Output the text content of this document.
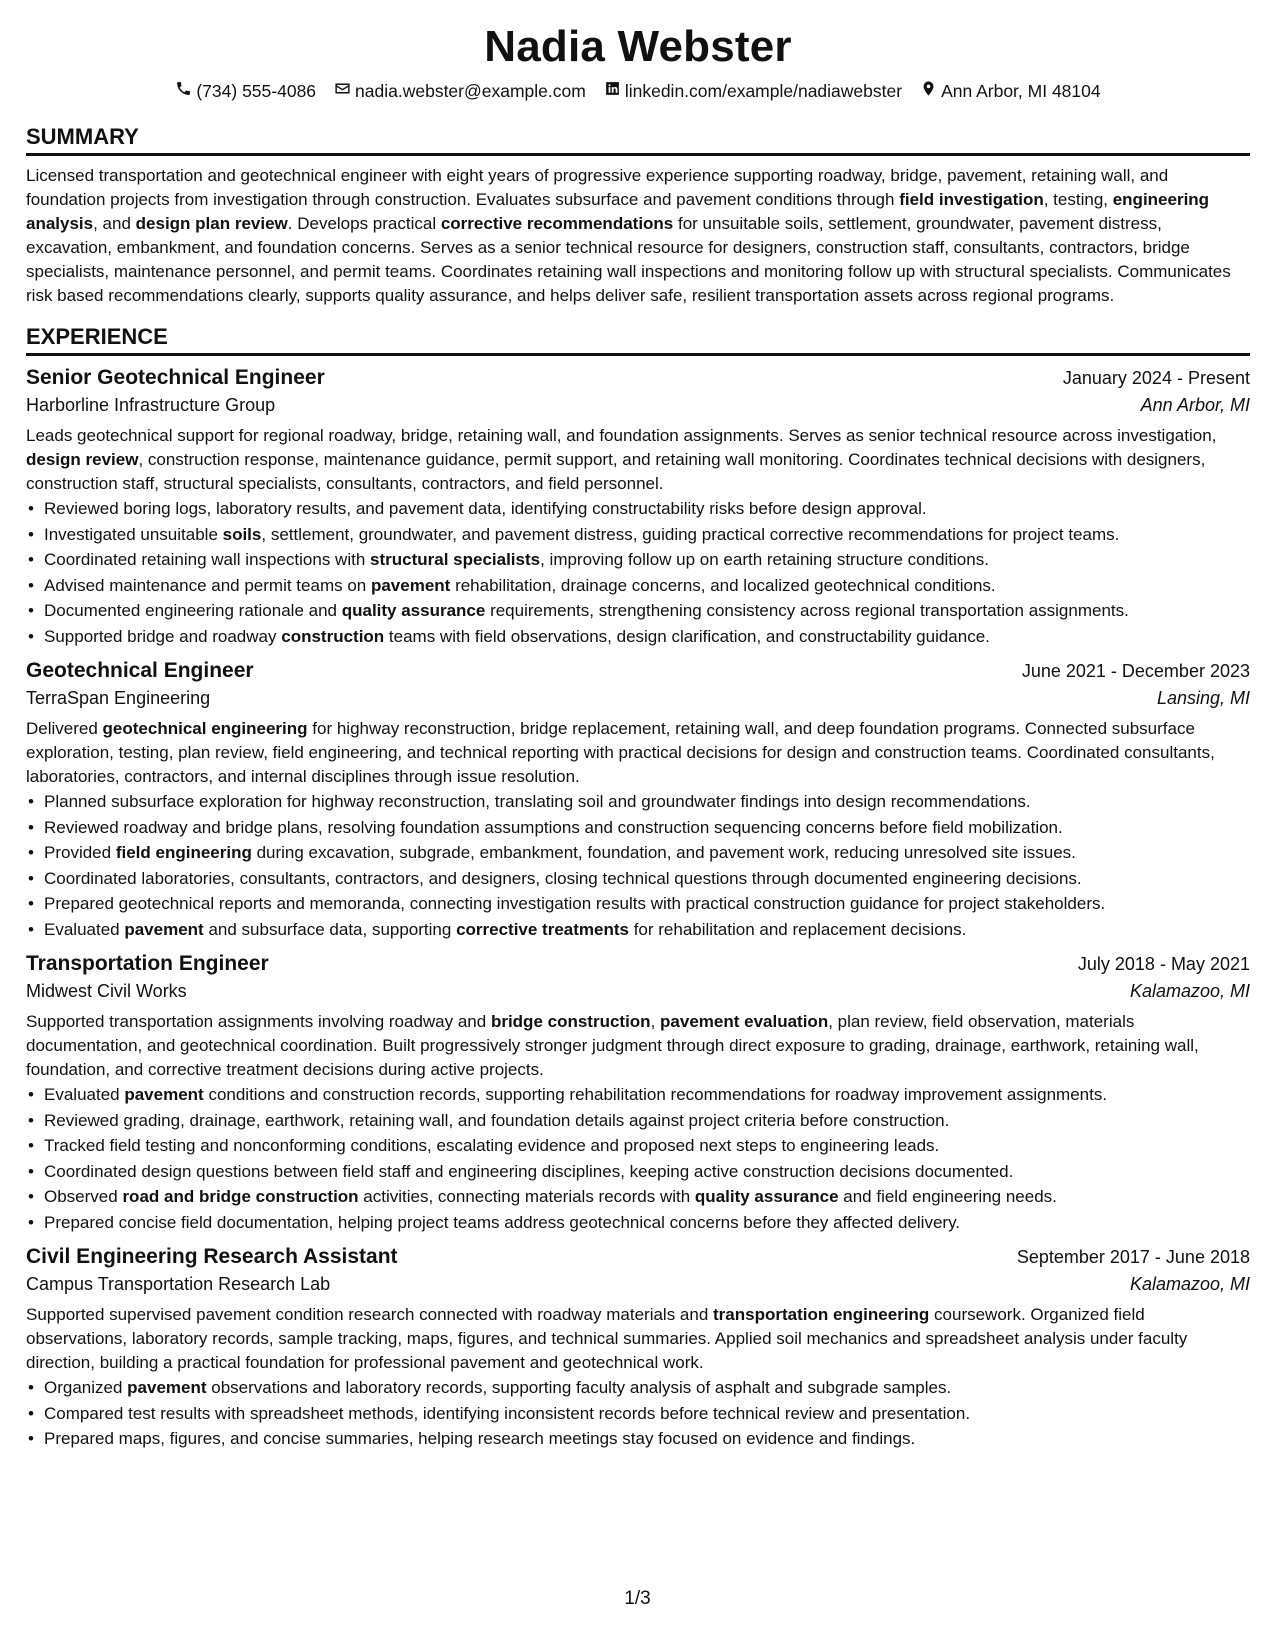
Nadia Webster
(734) 555-4086 nadia.webster@example.com linkedin.com/example/nadiawebster Ann Arbor, MI 48104
SUMMARY

Licensed transportation and geotechnical engineer with eight years of progressive experience supporting roadway, bridge, pavement, retaining wall, and foundation projects from investigation through construction. Evaluates subsurface and pavement conditions through field investigation, testing, engineering analysis, and design plan review. Develops practical corrective recommendations for unsuitable soils, settlement, groundwater, pavement distress, excavation, embankment, and foundation concerns. Serves as a senior technical resource for designers, construction staff, consultants, contractors, bridge specialists, maintenance personnel, and permit teams. Coordinates retaining wall inspections and monitoring follow up with structural specialists. Communicates risk based recommendations clearly, supports quality assurance, and helps deliver safe, resilient transportation assets across regional programs.

EXPERIENCE
Senior Geotechnical Engineer	January 2024 - Present
Harborline Infrastructure Group	Ann Arbor, MI

Leads geotechnical support for regional roadway, bridge, retaining wall, and foundation assignments. Serves as senior technical resource across investigation, design review, construction response, maintenance guidance, permit support, and retaining wall monitoring. Coordinates technical decisions with designers, construction staff, structural specialists, consultants, contractors, and field personnel.

• Reviewed boring logs, laboratory results, and pavement data, identifying constructability risks before design approval.
• Investigated unsuitable soils, settlement, groundwater, and pavement distress, guiding practical corrective recommendations for project teams.
• Coordinated retaining wall inspections with structural specialists, improving follow up on earth retaining structure conditions.
• Advised maintenance and permit teams on pavement rehabilitation, drainage concerns, and localized geotechnical conditions.
• Documented engineering rationale and quality assurance requirements, strengthening consistency across regional transportation assignments.
• Supported bridge and roadway construction teams with field observations, design clarification, and constructability guidance.
Geotechnical Engineer	June 2021 - December 2023
TerraSpan Engineering	Lansing, MI

Delivered geotechnical engineering for highway reconstruction, bridge replacement, retaining wall, and deep foundation programs. Connected subsurface exploration, testing, plan review, field engineering, and technical reporting with practical decisions for design and construction teams. Coordinated consultants, laboratories, contractors, and internal disciplines through issue resolution.

• Planned subsurface exploration for highway reconstruction, translating soil and groundwater findings into design recommendations.
• Reviewed roadway and bridge plans, resolving foundation assumptions and construction sequencing concerns before field mobilization.
• Provided field engineering during excavation, subgrade, embankment, foundation, and pavement work, reducing unresolved site issues.
• Coordinated laboratories, consultants, contractors, and designers, closing technical questions through documented engineering decisions.
• Prepared geotechnical reports and memoranda, connecting investigation results with practical construction guidance for project stakeholders.
• Evaluated pavement and subsurface data, supporting corrective treatments for rehabilitation and replacement decisions.
Transportation Engineer	July 2018 - May 2021
Midwest Civil Works	Kalamazoo, MI

Supported transportation assignments involving roadway and bridge construction, pavement evaluation, plan review, field observation, materials documentation, and geotechnical coordination. Built progressively stronger judgment through direct exposure to grading, drainage, earthwork, retaining wall, foundation, and corrective treatment decisions during active projects.

• Evaluated pavement conditions and construction records, supporting rehabilitation recommendations for roadway improvement assignments.
• Reviewed grading, drainage, earthwork, retaining wall, and foundation details against project criteria before construction.
• Tracked field testing and nonconforming conditions, escalating evidence and proposed next steps to engineering leads.
• Coordinated design questions between field staff and engineering disciplines, keeping active construction decisions documented.
• Observed road and bridge construction activities, connecting materials records with quality assurance and field engineering needs.
• Prepared concise field documentation, helping project teams address geotechnical concerns before they affected delivery.
Civil Engineering Research Assistant	September 2017 - June 2018
Campus Transportation Research Lab	Kalamazoo, MI

Supported supervised pavement condition research connected with roadway materials and transportation engineering coursework. Organized field observations, laboratory records, sample tracking, maps, figures, and technical summaries. Applied soil mechanics and spreadsheet analysis under faculty direction, building a practical foundation for professional pavement and geotechnical work.

• Organized pavement observations and laboratory records, supporting faculty analysis of asphalt and subgrade samples.
• Compared test results with spreadsheet methods, identifying inconsistent records before technical review and presentation.
• Prepared maps, figures, and concise summaries, helping research meetings stay focused on evidence and findings.
1/3
